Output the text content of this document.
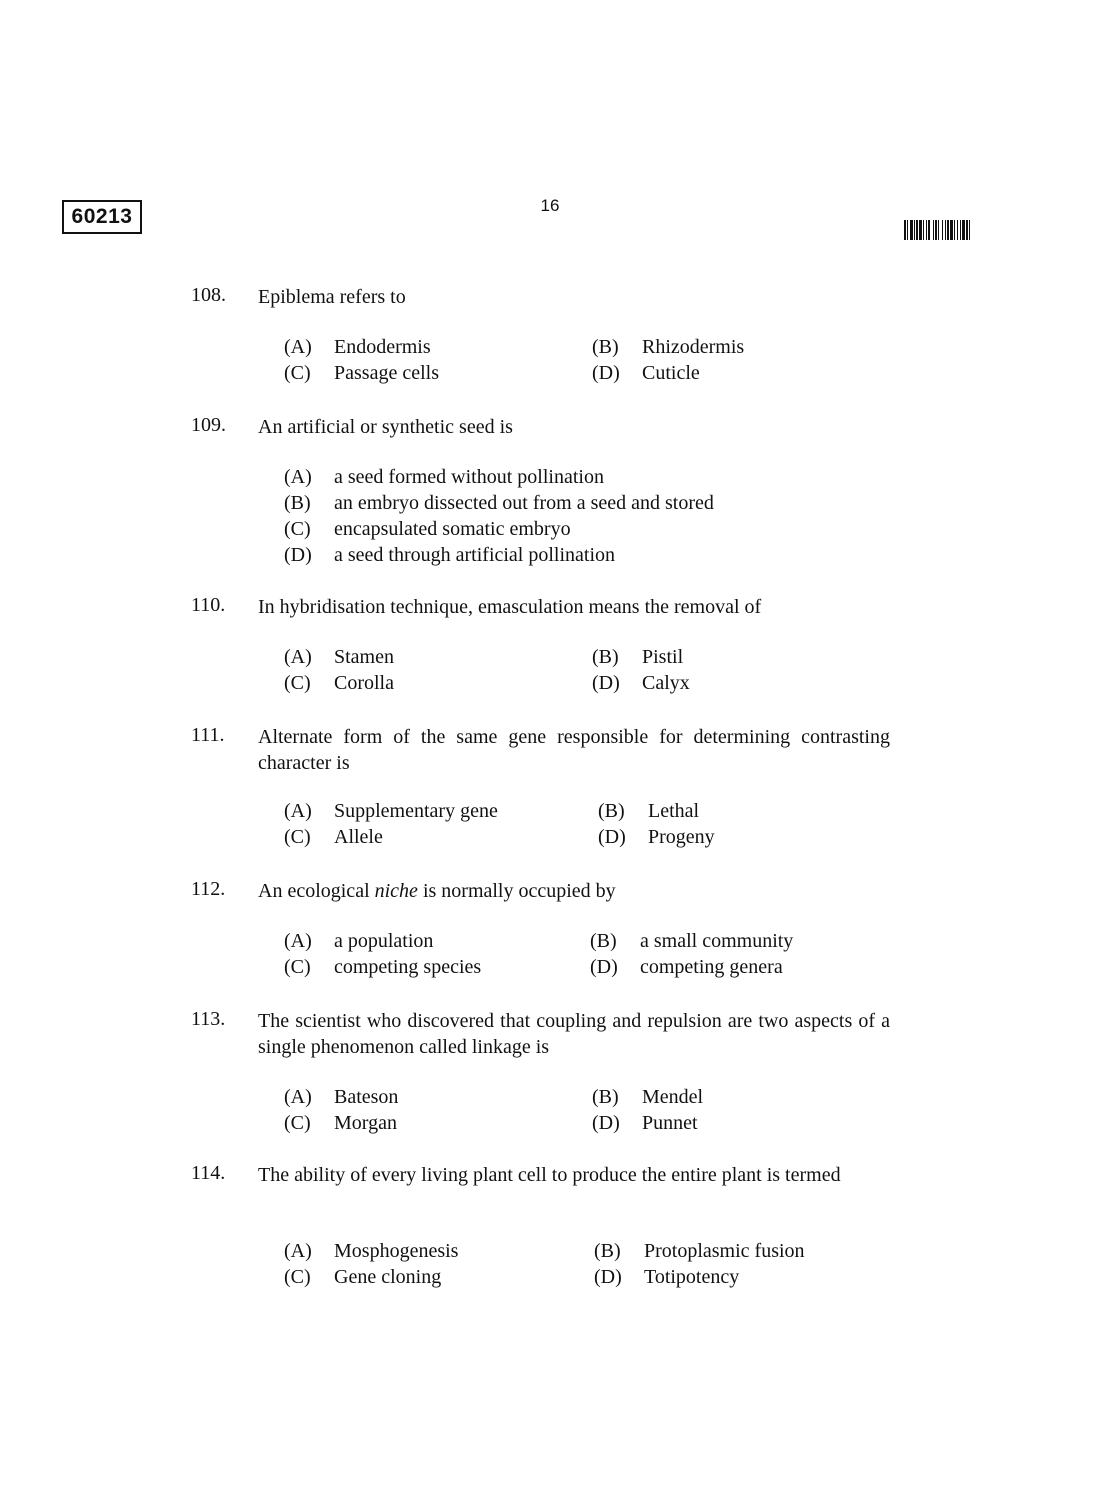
60213	16
108. Epiblema refers to
(A) Endodermis	(B) Rhizodermis
(C) Passage cells	(D) Cuticle
109. An artificial or synthetic seed is
(A) a seed formed without pollination
(B) an embryo dissected out from a seed and stored
(C) encapsulated somatic embryo
(D) a seed through artificial pollination
110. In hybridisation technique, emasculation means the removal of
(A) Stamen	(B) Pistil
(C) Corolla	(D) Calyx
111. Alternate form of the same gene responsible for determining contrasting character is
(A) Supplementary gene	(B) Lethal
(C) Allele	(D) Progeny
112. An ecological niche is normally occupied by
(A) a population	(B) a small community
(C) competing species	(D) competing genera
113. The scientist who discovered that coupling and repulsion are two aspects of a single phenomenon called linkage is
(A) Bateson	(B) Mendel
(C) Morgan	(D) Punnet
114. The ability of every living plant cell to produce the entire plant is termed
(A) Mosphogenesis	(B) Protoplasmic fusion
(C) Gene cloning	(D) Totipotency
